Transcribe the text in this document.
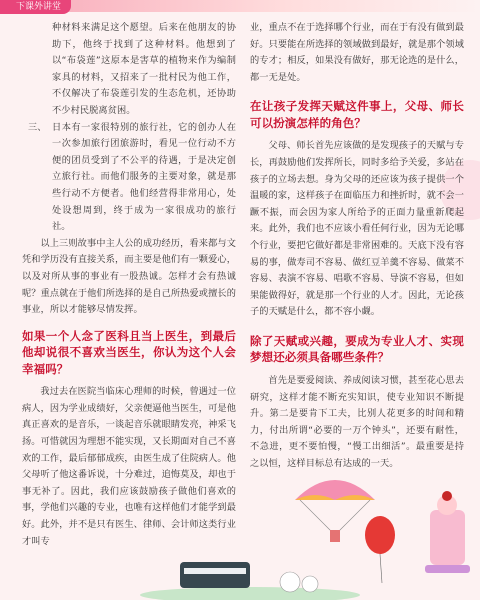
下课外讲堂

种材料来满足这个愿望。后来在他朋友的协助下，他终于找到了这种材料。他想到了以“布袋莲”这原本是害草的植物来作为编制家具的材料，又招来了一批村民为他工作，不仅解决了布袋莲引发的生态危机，还协助不少村民脱离贫困。

三、 日本有一家很特别的旅行社，它的创办人在一次参加旅行团旅游时，看见一位行动不方便的团员受到了不公平的待遇，于是决定创立旅行社。而他们服务的主要对象，就是那些行动不方便者。他们经营得非常用心，处处设想周到，终于成为一家很成功的旅行社。

以上三则故事中主人公的成功经历，看来都与文凭和学历没有直接关系，而主要是他们有一颗爱心，以及对所从事的事业有一股热诚。怎样才会有热诚呢？重点就在于他们所选择的是自己所热爱或擅长的事业，所以才能够尽情发挥。

如果一个人念了医科且当上医生，到最后他却说很不喜欢当医生，你认为这个人会幸福吗？

我过去在医院当临床心理师的时候，曾遇过一位病人，因为学业成绩好，父亲便逼他当医生，可是他真正喜欢的是音乐，一谈起音乐就眼睛发亮，神采飞扬。可惜就因为理想不能实现，又长期面对自己不喜欢的工作，最后郁郁成疾，由医生成了住院病人。他父母听了他这番诉说，十分难过，追悔莫及，却也于事无补了。因此，我们应该鼓励孩子做他们喜欢的事，学他们兴趣的专业，也唯有这样他们才能学到最好。此外，并不是只有医生、律师、会计师这类行业才叫专

业，重点不在于选择哪个行业，而在于有没有做到最好。只要能在所选择的领域做到最好，就是那个领域的专才；相反，如果没有做好，那无论选的是什么，都一无是处。

在让孩子发挥天赋这件事上，父母、师长可以扮演怎样的角色？

父母、师长首先应该做的是发现孩子的天赋与专长，再鼓励他们发挥所长，同时多给予关爱，多站在孩子的立场去想。身为父母的还应该为孩子提供一个温暖的家，这样孩子在面临压力和挫折时，就不会一蹶不振，而会因为家人所给予的正面力量重新爬起来。此外，我们也不应该小看任何行业，因为无论哪个行业，要把它做好都是非常困难的。天底下没有容易的事，做寿司不容易、做红豆羊羹不容易、做菜不容易、表演不容易、唱歌不容易、导演不容易，但如果能做得好，就是那一个行业的人才。因此，无论孩子的天赋是什么，都不容小觑。

除了天赋或兴趣，要成为专业人才、实现梦想还必须具备哪些条件？

首先是要爱阅读、养成阅读习惯，甚至花心思去研究，这样才能不断充实知识，使专业知识不断提升。第二是要肯下工夫，比别人花更多的时间和精力，付出所谓“必要的一万个钟头”，还要有耐性，不急进，更不要怕慢，“慢工出细活”。最重要是持之以恒，这样目标总有达成的一天。
